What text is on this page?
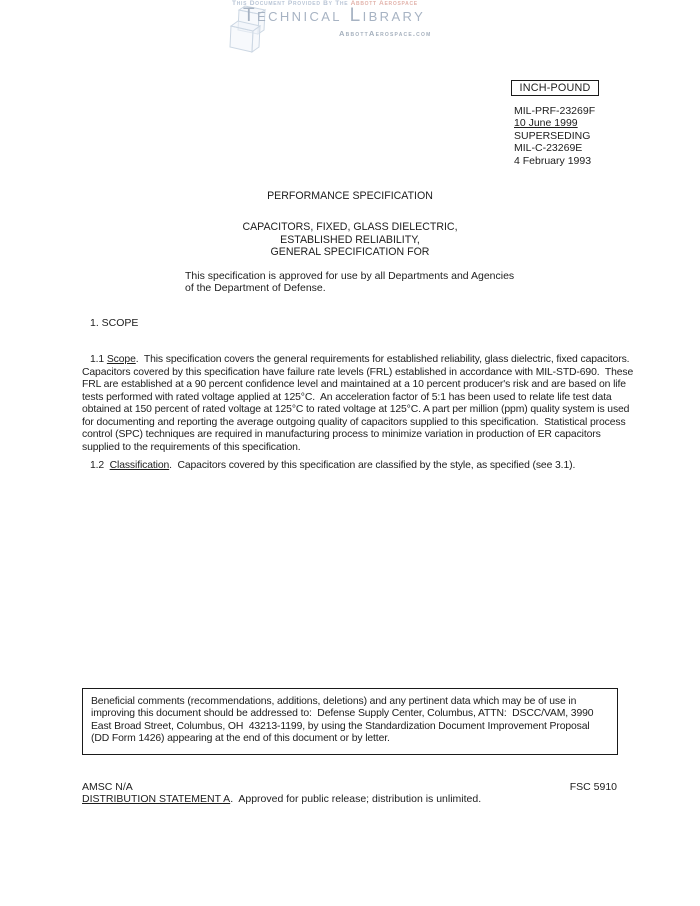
This Document Provided By The Abbott Aerospace
Technical Library
AbbottAerospace.com
INCH-POUND
MIL-PRF-23269F
10 June 1999
SUPERSEDING
MIL-C-23269E
4 February 1993
PERFORMANCE SPECIFICATION
CAPACITORS, FIXED, GLASS DIELECTRIC,
ESTABLISHED RELIABILITY,
GENERAL SPECIFICATION FOR
This specification is approved for use by all Departments and Agencies
of the Department of Defense.
1. SCOPE

1.1 Scope.  This specification covers the general requirements for established reliability, glass dielectric, fixed capacitors.  Capacitors covered by this specification have failure rate levels (FRL) established in accordance with MIL-STD-690.  These FRL are established at a 90 percent confidence level and maintained at a 10 percent producer's risk and are based on life tests performed with rated voltage applied at 125°C.  An acceleration factor of 5:1 has been used to relate life test data obtained at 150 percent of rated voltage at 125°C to rated voltage at 125°C. A part per million (ppm) quality system is used for documenting and reporting the average outgoing quality of capacitors supplied to this specification.  Statistical process control (SPC) techniques are required in manufacturing process to minimize variation in production of ER capacitors supplied to the requirements of this specification.

1.2  Classification.  Capacitors covered by this specification are classified by the style, as specified (see 3.1).

Beneficial comments (recommendations, additions, deletions) and any pertinent data which may be of use in improving this document should be addressed to:  Defense Supply Center, Columbus, ATTN:  DSCC/VAM, 3990 East Broad Street, Columbus, OH  43213-1199, by using the Standardization Document Improvement Proposal (DD Form 1426) appearing at the end of this document or by letter.
AMSC N/A	FSC 5910
DISTRIBUTION STATEMENT A.  Approved for public release; distribution is unlimited.
